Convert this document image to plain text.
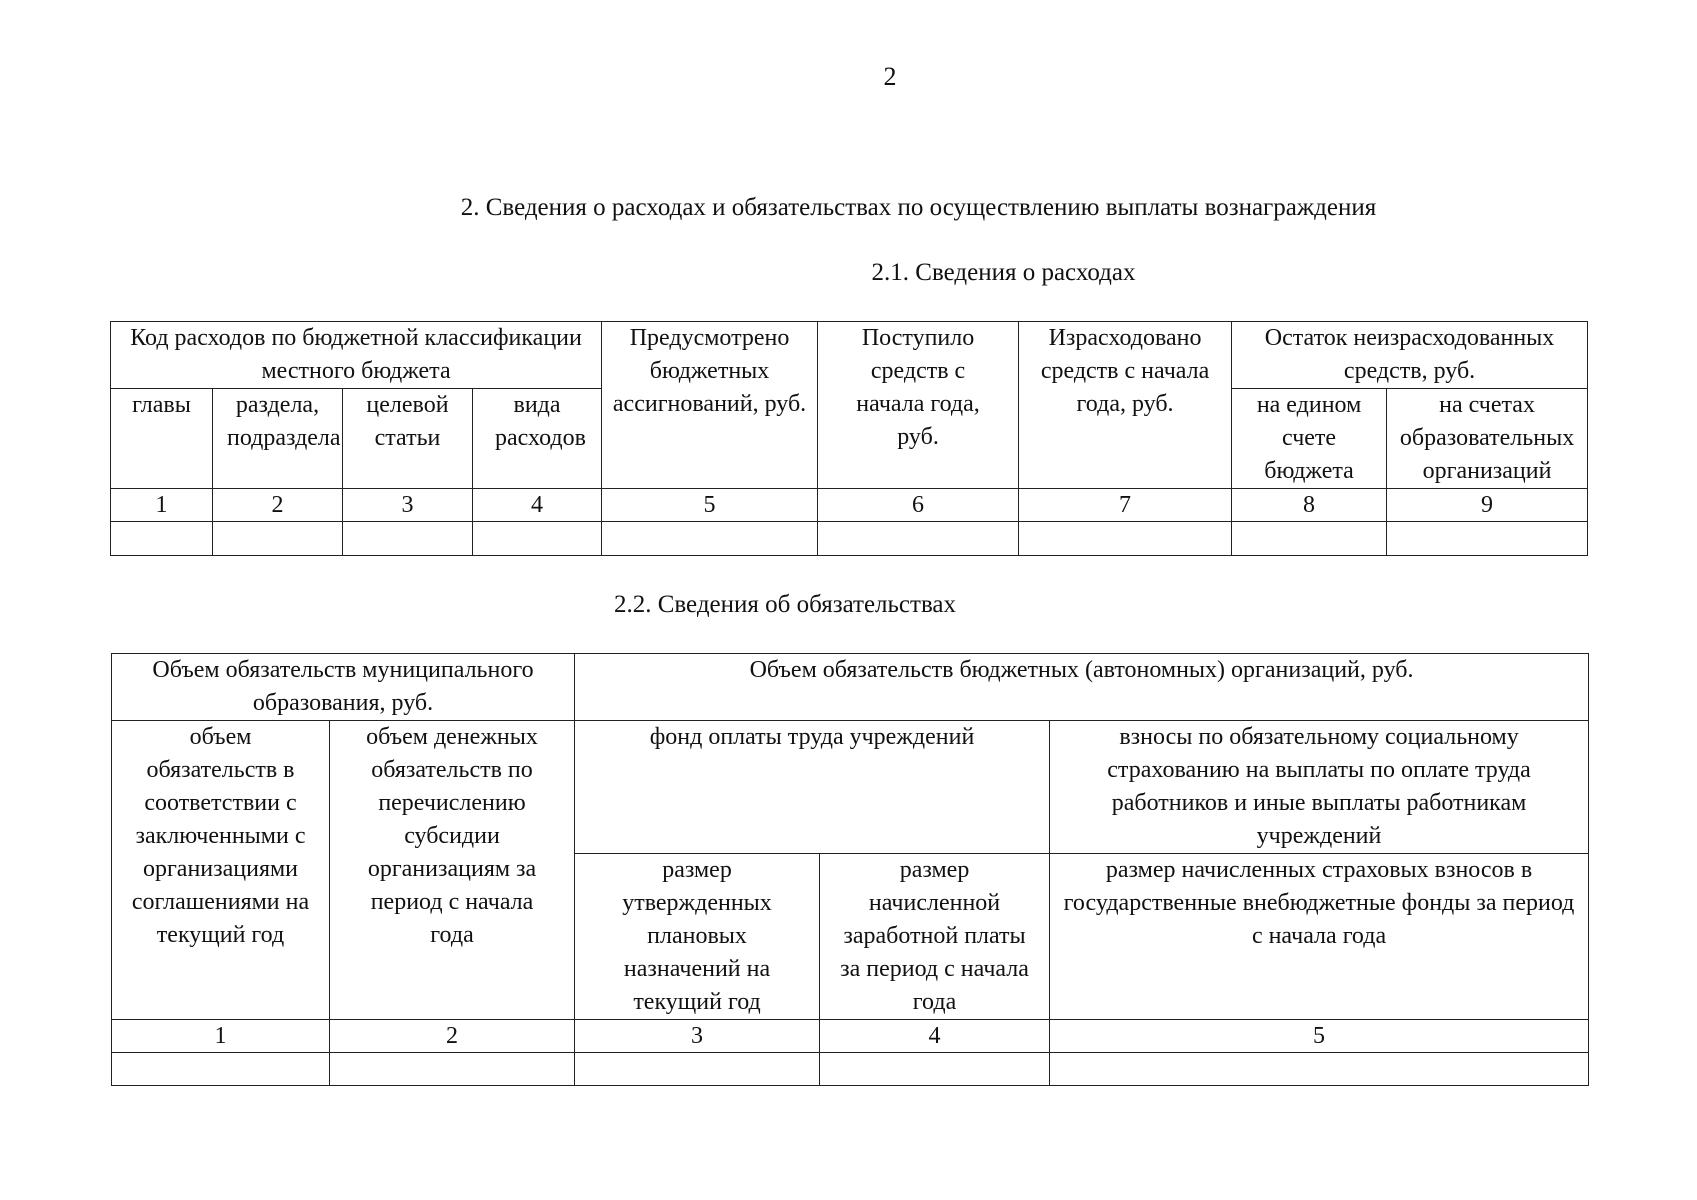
2
2. Сведения о расходах и обязательствах по осуществлению выплаты вознаграждения
2.1. Сведения о расходах
Код расходов по бюджетной классификации местного бюджета				Предусмотрено бюджетных ассигнований, руб.	Поступило средств с начала года, руб.	Израсходовано средств с начала года, руб.	Остаток неизрасходованных средств, руб.	
главы	раздела, подраздела	целевой статьи	вида расходов				на едином счете бюджета	на счетах образовательных организаций
1	2	3	4	5	6	7	8	9

2.2. Сведения об обязательствах
Объем обязательств муниципального образования, руб.		Объем обязательств бюджетных (автономных) организаций, руб.		
объем обязательств в соответствии с заключенными с организациями соглашениями на текущий год	объем денежных обязательств по перечислению субсидии организациям за период с начала года	фонд оплаты труда учреждений		взносы по обязательному социальному страхованию на выплаты по оплате труда работников и иные выплаты работникам учреждений
		размер утвержденных плановых назначений на текущий год	размер начисленной заработной платы за период с начала года	размер начисленных страховых взносов в государственные внебюджетные фонды за период с начала года
1	2	3	4	5
